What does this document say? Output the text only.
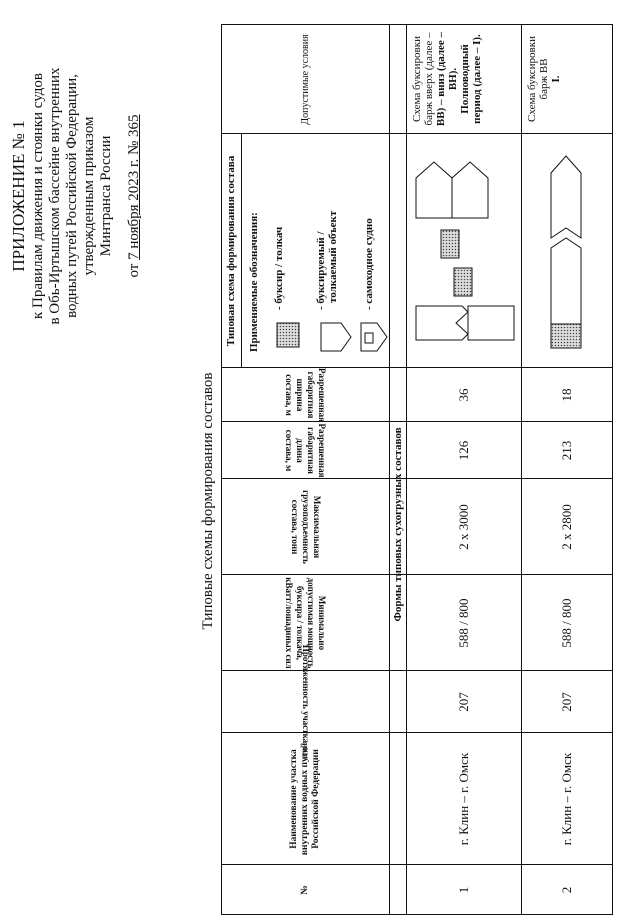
ПРИЛОЖЕНИЕ № 1 к Правилам движения и стоянки судов в Обь-Иртышском бассейне внутренних водных путей Российской Федерации, утвержденным приказом Минтранса России
от 7 ноября 2023 г. № 365
Типовые схемы формирования составов
№
Наименование участка внутренних водных путей Российской Федерации
Протяженность участка, км
Минимально допустимая мощность буксира / толкача, кВатт/лошадиных сил
Максимальная грузоподъемность состава, тонн
Разрешенная габаритная длина состава, м
Разрешенная габаритная ширина состава, м
Типовая схема формирования состава
Допустимые условия
Применяемые обозначения: - буксир / толкач	- буксируемый / толкаемый объект - самоходное судно
Формы типовых сухогрузных составов
1
г. Клин – г. Омск
207
588 / 800
2 х 3000
126
36
Схема буксировки барж вверх (далее – ВВ) – вниз (далее – ВН). Полноводный период (далее – I).
2
г. Клин – г. Омск
207
588 / 800
2 х 2800
213
18
Схема буксировки барж ВВ I.
